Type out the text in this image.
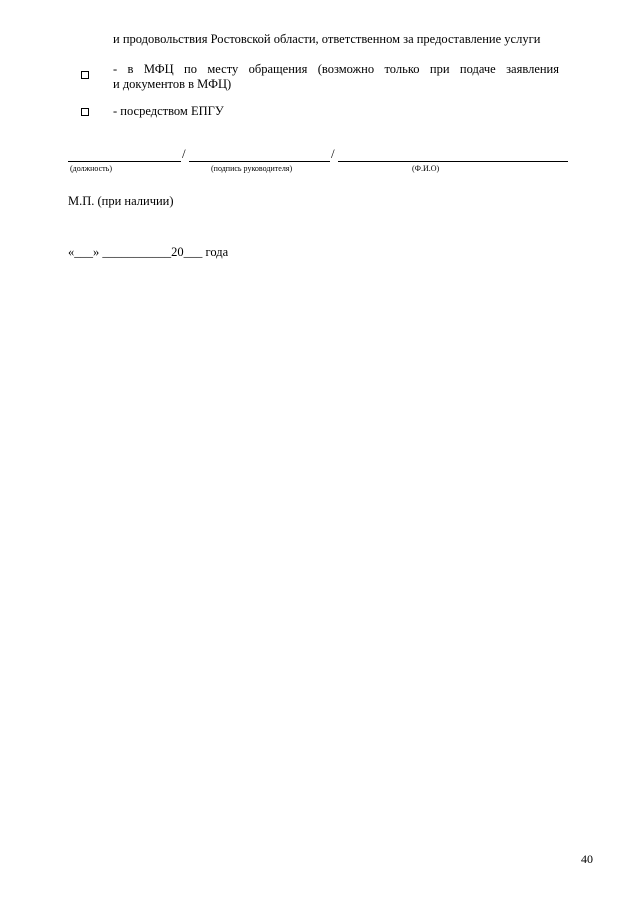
и продовольствия Ростовской области, ответственном за предоставление услуги
- в МФЦ по месту обращения (возможно только при подаче заявления
и документов в МФЦ)
- посредством ЕПГУ
/	/
(должность)	(подпись руководителя)	(Ф.И.О)
М.П. (при наличии)
«___» ___________20___ года
40
